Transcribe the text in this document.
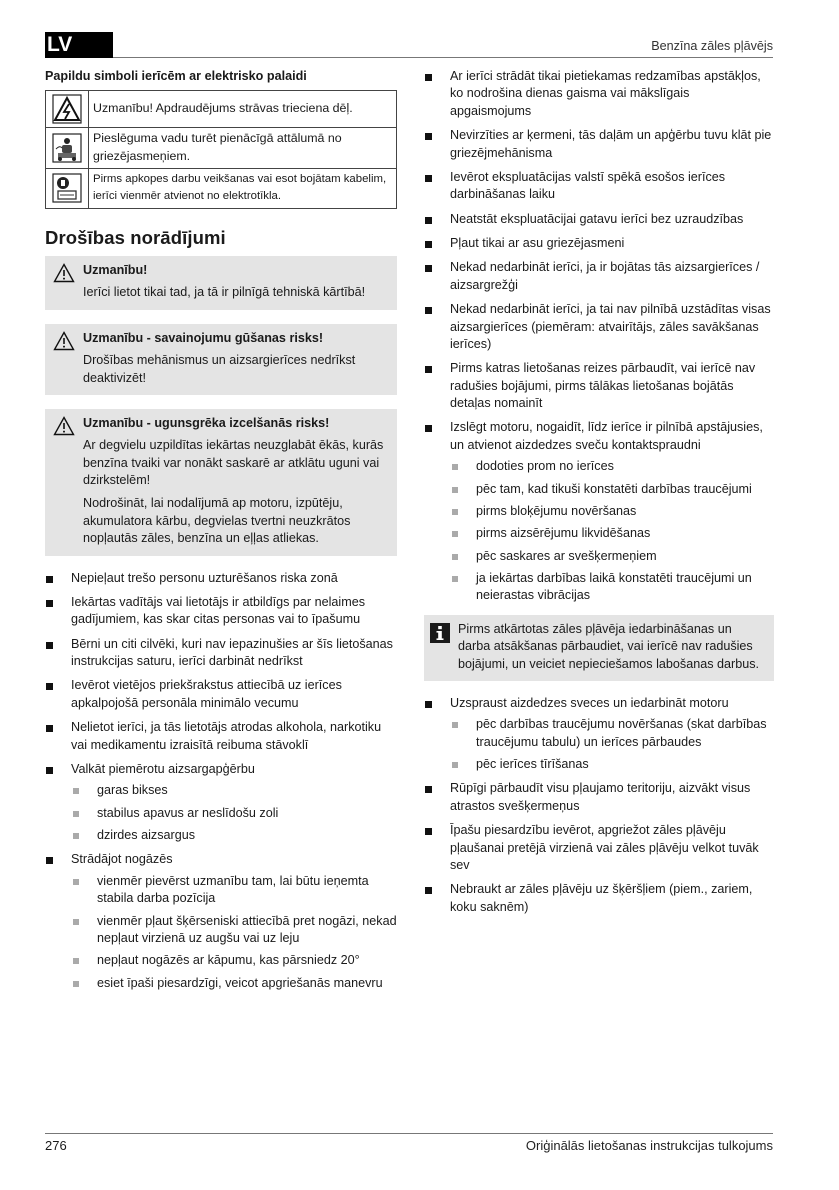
LV	Benzīna zāles pļāvējs
Papildu simboli ierīcēm ar elektrisko palaidi
	Uzmanību! Apdraudējums strāvas trieciena dēļ.

	Pieslēguma vadu turēt pienācīgā attālumā no griezējasmeņiem.

	Pirms apkopes darbu veikšanas vai esot bojātam kabelim, ierīci vienmēr atvienot no elektrotīkla.
Drošības norādījumi
Uzmanību!
Ierīci lietot tikai tad, ja tā ir pilnīgā tehniskā kārtībā!
Uzmanību - savainojumu gūšanas risks!
Drošības mehānismus un aizsargierīces nedrīkst deaktivizēt!
Uzmanību - ugunsgrēka izcelšanās risks!
Ar degvielu uzpildītas iekārtas neuzglabāt ēkās, kurās benzīna tvaiki var nonākt saskarē ar atklātu uguni vai dzirkstelēm!
Nodrošināt, lai nodalījumā ap motoru, izpūtēju, akumulatora kārbu, degvielas tvertni neuzkrātos nopļautās zāles, benzīna un eļļas atliekas.
Nepieļaut trešo personu uzturēšanos riska zonā
Iekārtas vadītājs vai lietotājs ir atbildīgs par nelaimes gadījumiem, kas skar citas personas vai to īpašumu
Bērni un citi cilvēki, kuri nav iepazinušies ar šīs lietošanas instrukcijas saturu, ierīci darbināt nedrīkst
Ievērot vietējos priekšrakstus attiecībā uz ierīces apkalpojošā personāla minimālo vecumu
Nelietot ierīci, ja tās lietotājs atrodas alkohola, narkotiku vai medikamentu izraisītā reibuma stāvoklī
Valkāt piemērotu aizsargapģērbu
garas bikses
stabilus apavus ar neslīdošu zoli
dzirdes aizsargus
Strādājot nogāzēs
vienmēr pievērst uzmanību tam, lai būtu ieņemta stabila darba pozīcija
vienmēr pļaut šķērseniski attiecībā pret nogāzi, nekad nepļaut virzienā uz augšu vai uz leju
nepļaut nogāzēs ar kāpumu, kas pārsniedz 20°
esiet īpaši piesardzīgi, veicot apgriešanās manevru
Ar ierīci strādāt tikai pietiekamas redzamības apstākļos, ko nodrošina dienas gaisma vai mākslīgais apgaismojums
Nevirzīties ar ķermeni, tās daļām un apģērbu tuvu klāt pie griezējmehānisma
Ievērot ekspluatācijas valstī spēkā esošos ierīces darbināšanas laiku
Neatstāt ekspluatācijai gatavu ierīci bez uzraudzības
Pļaut tikai ar asu griezējasmeni
Nekad nedarbināt ierīci, ja ir bojātas tās aizsargierīces / aizsargrežģi
Nekad nedarbināt ierīci, ja tai nav pilnībā uzstādītas visas aizsargierīces (piemēram: atvairītājs, zāles savākšanas ierīces)
Pirms katras lietošanas reizes pārbaudīt, vai ierīcē nav radušies bojājumi, pirms tālākas lietošanas bojātās detaļas nomainīt
Izslēgt motoru, nogaidīt, līdz ierīce ir pilnībā apstājusies, un atvienot aizdedzes sveču kontaktspraudni
dodoties prom no ierīces
pēc tam, kad tikuši konstatēti darbības traucējumi
pirms bloķējumu novēršanas
pirms aizsērējumu likvidēšanas
pēc saskares ar svešķermeņiem
ja iekārtas darbības laikā konstatēti traucējumi un neierastas vibrācijas
Pirms atkārtotas zāles pļāvēja iedarbināšanas un darba atsākšanas pārbaudiet, vai ierīcē nav radušies bojājumi, un veiciet nepieciešamos labošanas darbus.
Uzspraust aizdedzes sveces un iedarbināt motoru
pēc darbības traucējumu novēršanas (skat darbības traucējumu tabulu) un ierīces pārbaudes
pēc ierīces tīrīšanas
Rūpīgi pārbaudīt visu pļaujamo teritoriju, aizvākt visus atrastos svešķermeņus
Īpašu piesardzību ievērot, apgriežot zāles pļāvēju pļaušanai pretējā virzienā vai zāles pļāvēju velkot tuvāk sev
Nebraukt ar zāles pļāvēju uz šķēršļiem (piem., zariem, koku saknēm)
276	Oriģinālās lietošanas instrukcijas tulkojums
